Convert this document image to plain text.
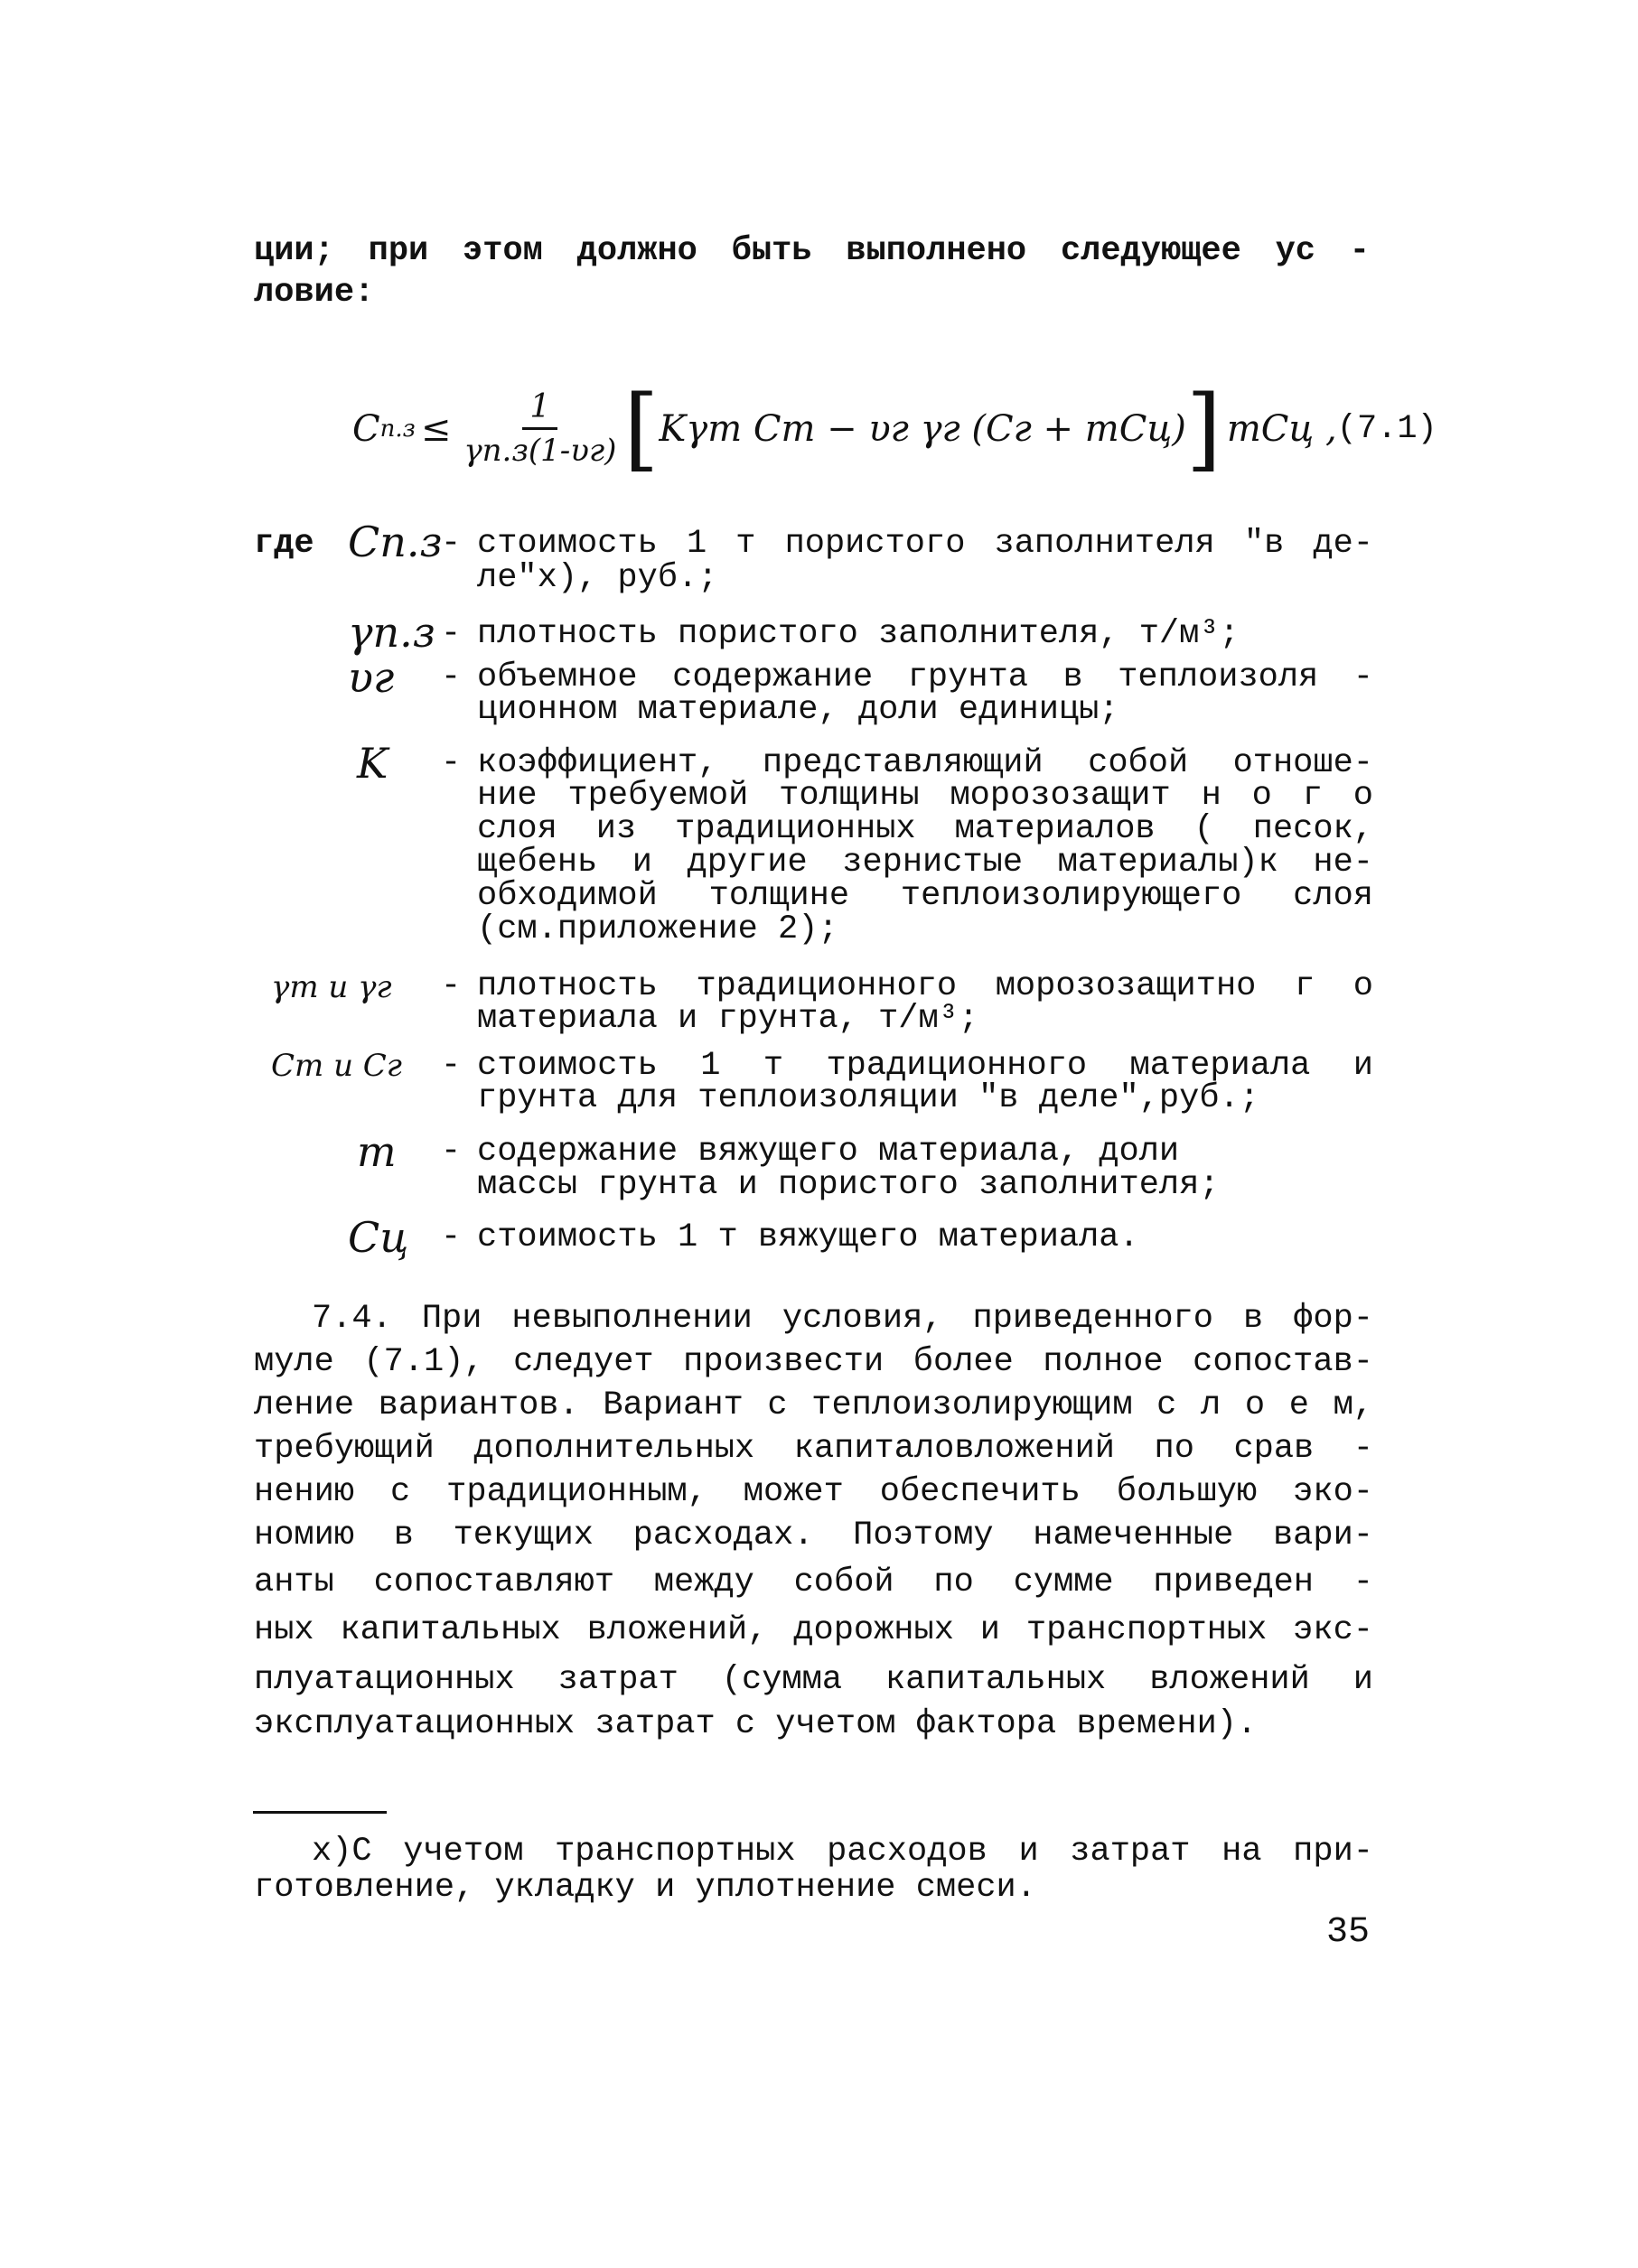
ции; при этом должно быть выполнено следующее ус -
ловие:
C $п.з \le \frac{1}{\gamma п.з(1-\upsilon г)}$ [ Kγт Cт − υг γг (Cг + mCц) ] mCц , (7.1)
где Cп.з
- стоимость 1 т пористого заполнителя "в де-
ле"x), руб.;
γп.з - плотность пористого заполнителя, т/м³;
υг - объемное содержание грунта в теплоизоля -
ционном материале, доли единицы;
K - коэффициент, представляющий собой отноше-
ние требуемой толщины морозозащит н о г о
слоя из традиционных материалов ( песок,
щебень и другие зернистые материалы)к не-
обходимой толщине теплоизолирующего слоя
(см.приложение 2);
γт и γг - плотность традиционного морозозащитно г о
материала и грунта, т/м³;
Cт и Cг - стоимость 1 т традиционного материала и
грунта для теплоизоляции "в деле",руб.;
m - содержание вяжущего материала, доли
массы грунта и пористого заполнителя;
Cц - стоимость 1 т вяжущего материала.
7.4. При невыполнении условия, приведенного в фор-
муле (7.1), следует произвести более полное сопостав-
ление вариантов. Вариант с теплоизолирующим с л о е м,
требующий дополнительных капиталовложений по срав -
нению с традиционным, может обеспечить большую эко-
номию в текущих расходах. Поэтому намеченные вари-
анты сопоставляют между собой по сумме приведен -
ных капитальных вложений, дорожных и транспортных экс-
плуатационных затрат (сумма капитальных вложений и
эксплуатационных затрат с учетом фактора времени).
x)С учетом транспортных расходов и затрат на при-
готовление, укладку и уплотнение смеси.
35
